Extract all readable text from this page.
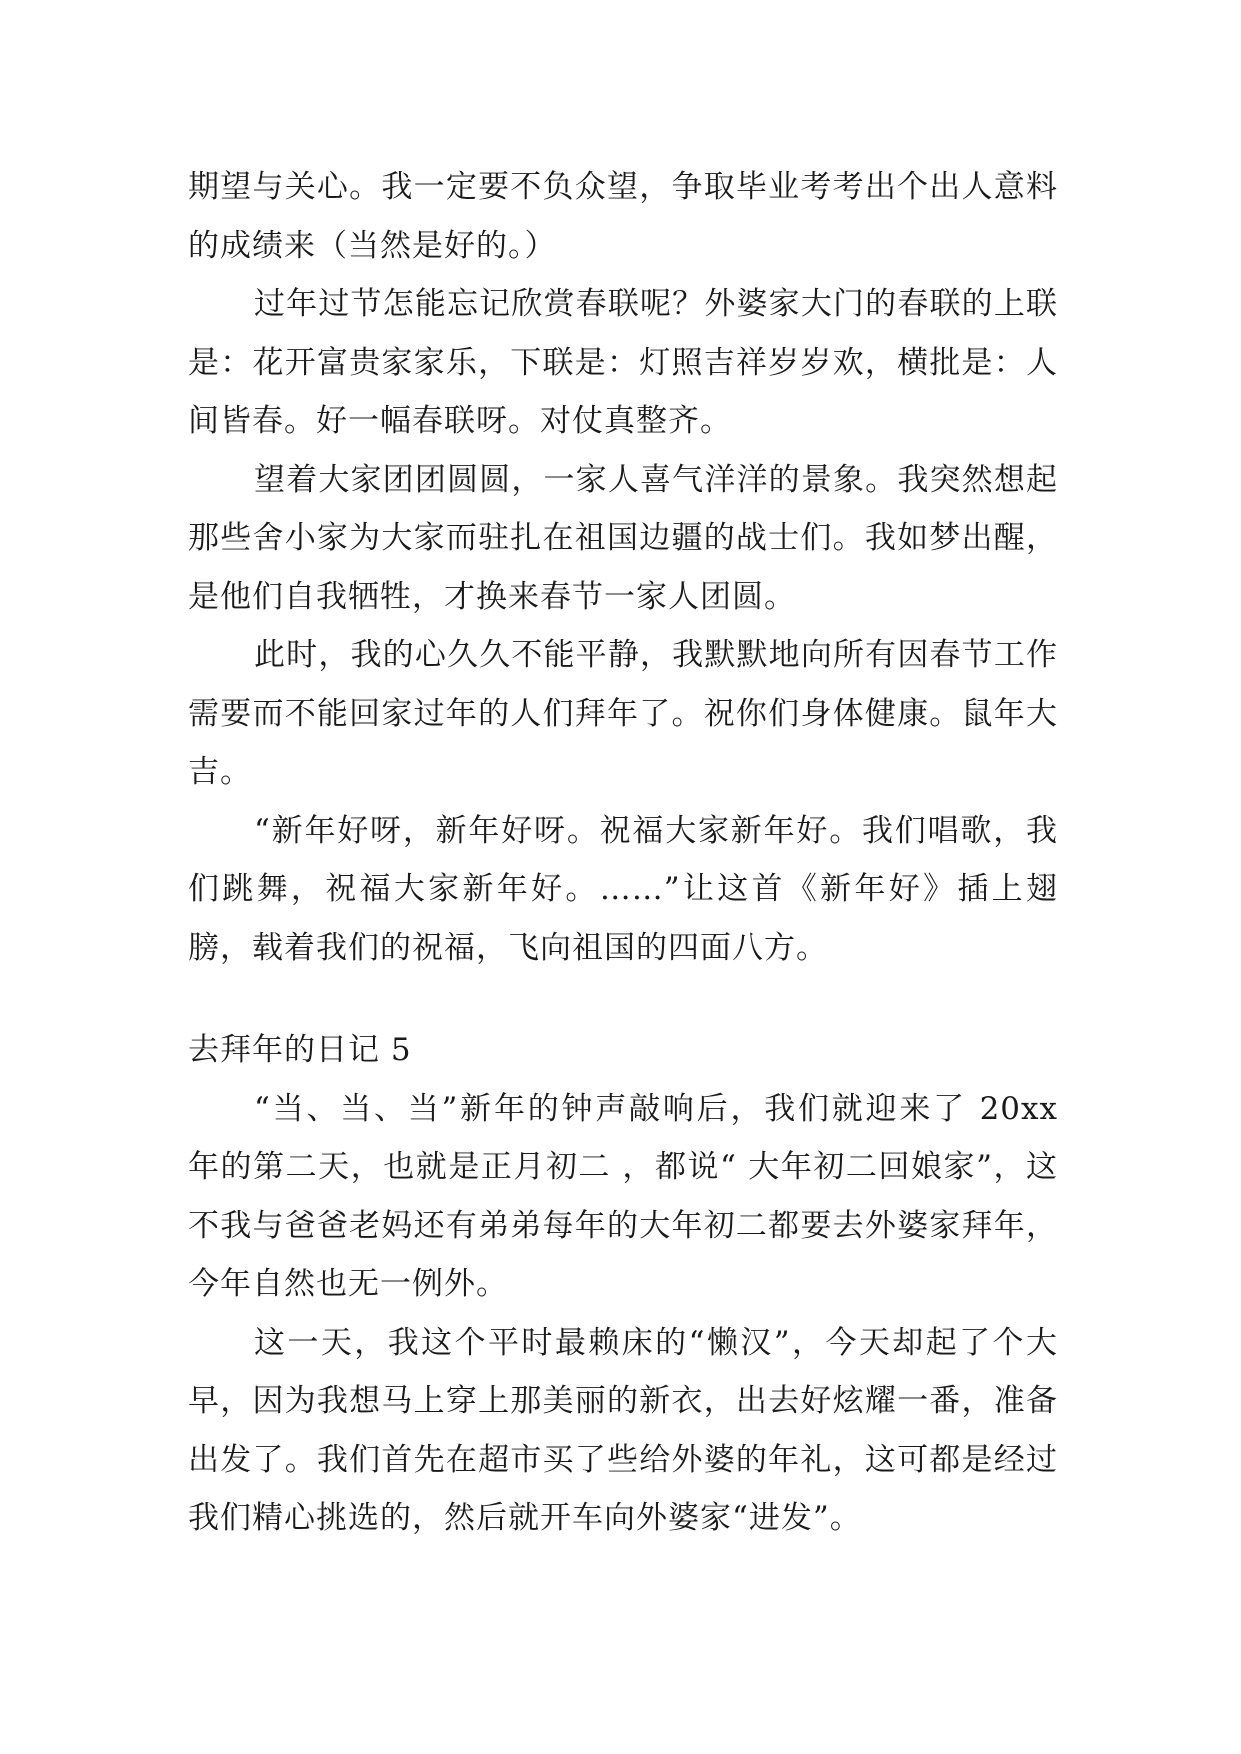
期望与关心。我一定要不负众望，争取毕业考考出个出人意料的成绩来（当然是好的。）

过年过节怎能忘记欣赏春联呢？外婆家大门的春联的上联是：花开富贵家家乐，下联是：灯照吉祥岁岁欢，横批是：人间皆春。好一幅春联呀。对仗真整齐。

望着大家团团圆圆，一家人喜气洋洋的景象。我突然想起那些舍小家为大家而驻扎在祖国边疆的战士们。我如梦出醒，是他们自我牺牲，才换来春节一家人团圆。

此时，我的心久久不能平静，我默默地向所有因春节工作需要而不能回家过年的人们拜年了。祝你们身体健康。鼠年大吉。

“新年好呀，新年好呀。祝福大家新年好。我们唱歌，我们跳舞，祝福大家新年好。……”让这首《新年好》插上翅膀，载着我们的祝福，飞向祖国的四面八方。

去拜年的日记 5

“当、当、当”新年的钟声敲响后，我们就迎来了 20xx 年的第二天，也就是正月初二 ，都说“ 大年初二回娘家”，这不我与爸爸老妈还有弟弟每年的大年初二都要去外婆家拜年，今年自然也无一例外。

这一天，我这个平时最赖床的“懒汉”，今天却起了个大早，因为我想马上穿上那美丽的新衣，出去好炫耀一番，准备出发了。我们首先在超市买了些给外婆的年礼，这可都是经过我们精心挑选的，然后就开车向外婆家“进发”。
